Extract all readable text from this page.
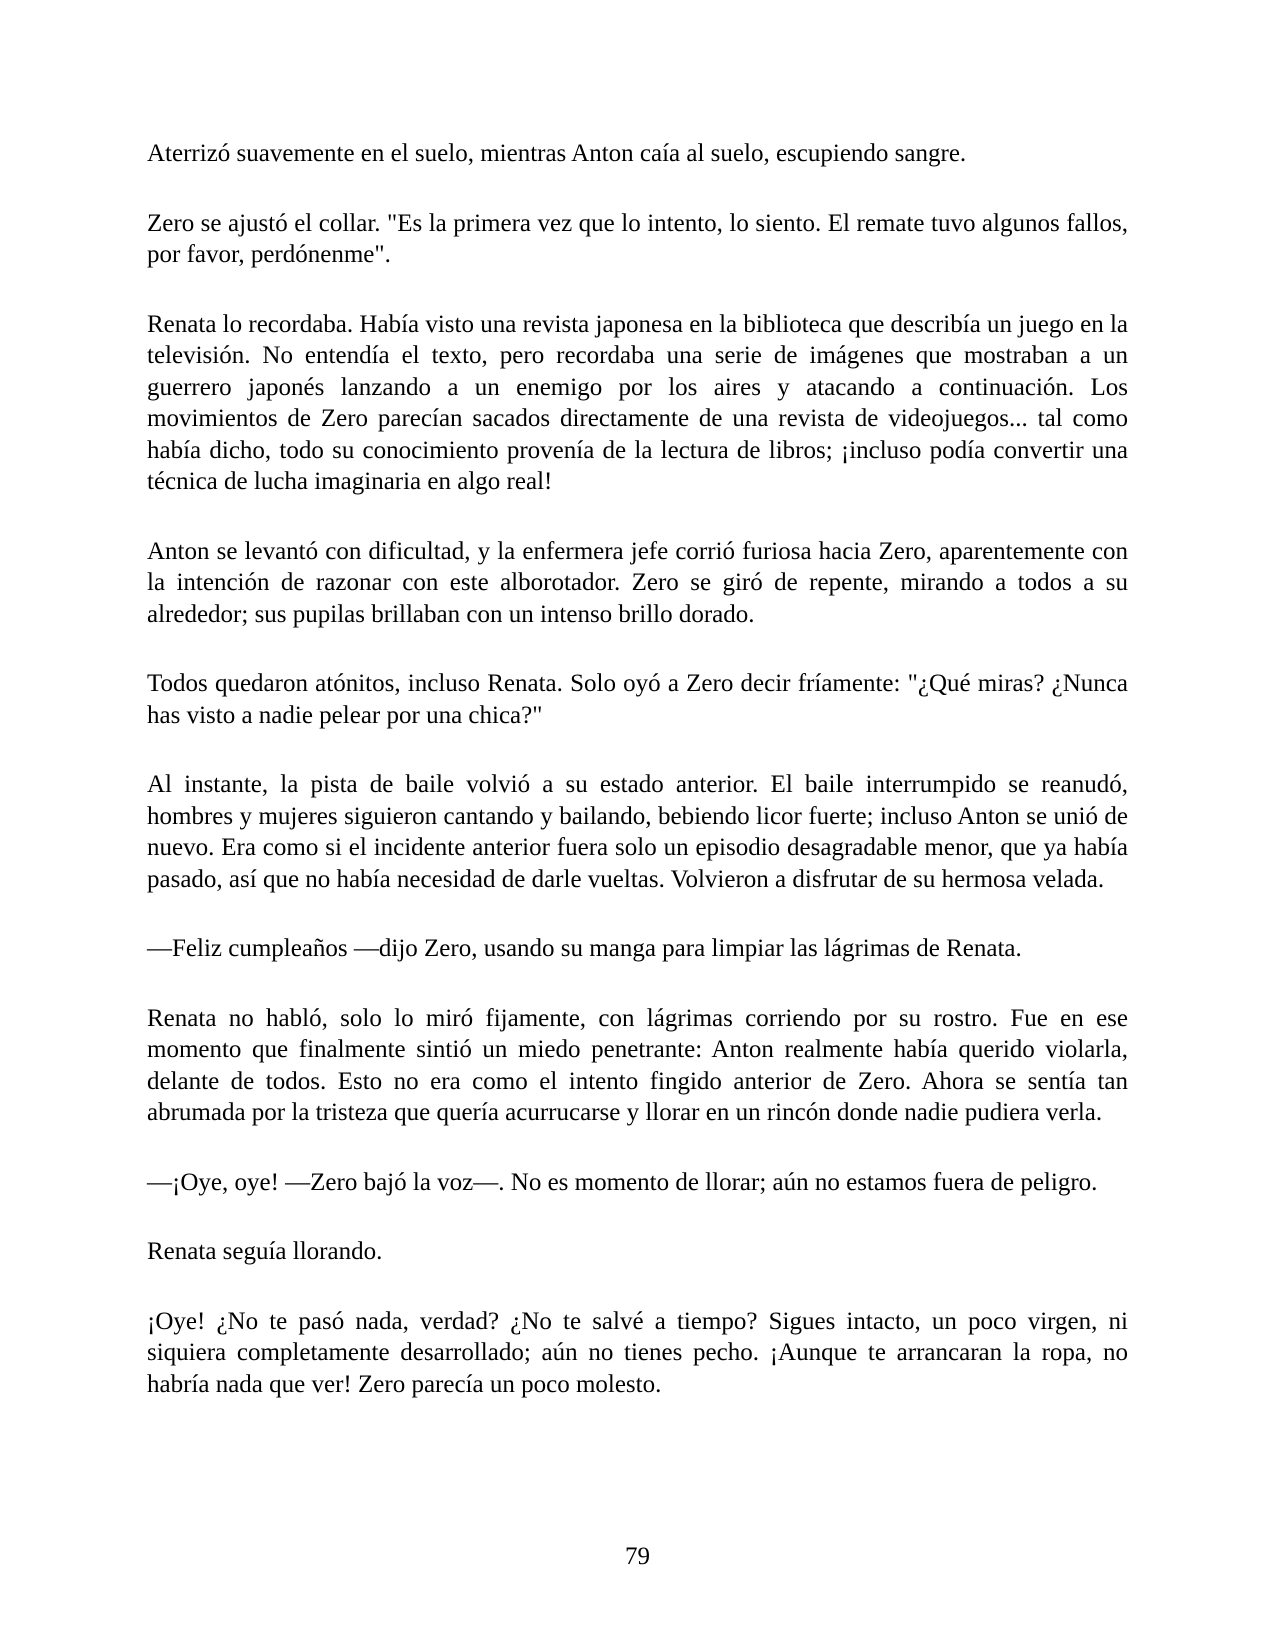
Aterrizó suavemente en el suelo, mientras Anton caía al suelo, escupiendo sangre.

Zero se ajustó el collar. "Es la primera vez que lo intento, lo siento. El remate tuvo algunos fallos, por favor, perdónenme".

Renata lo recordaba. Había visto una revista japonesa en la biblioteca que describía un juego en la televisión. No entendía el texto, pero recordaba una serie de imágenes que mostraban a un guerrero japonés lanzando a un enemigo por los aires y atacando a continuación. Los movimientos de Zero parecían sacados directamente de una revista de videojuegos... tal como había dicho, todo su conocimiento provenía de la lectura de libros; ¡incluso podía convertir una técnica de lucha imaginaria en algo real!

Anton se levantó con dificultad, y la enfermera jefe corrió furiosa hacia Zero, aparentemente con la intención de razonar con este alborotador. Zero se giró de repente, mirando a todos a su alrededor; sus pupilas brillaban con un intenso brillo dorado.

Todos quedaron atónitos, incluso Renata. Solo oyó a Zero decir fríamente: "¿Qué miras? ¿Nunca has visto a nadie pelear por una chica?"

Al instante, la pista de baile volvió a su estado anterior. El baile interrumpido se reanudó, hombres y mujeres siguieron cantando y bailando, bebiendo licor fuerte; incluso Anton se unió de nuevo. Era como si el incidente anterior fuera solo un episodio desagradable menor, que ya había pasado, así que no había necesidad de darle vueltas. Volvieron a disfrutar de su hermosa velada.

—Feliz cumpleaños —dijo Zero, usando su manga para limpiar las lágrimas de Renata.

Renata no habló, solo lo miró fijamente, con lágrimas corriendo por su rostro. Fue en ese momento que finalmente sintió un miedo penetrante: Anton realmente había querido violarla, delante de todos. Esto no era como el intento fingido anterior de Zero. Ahora se sentía tan abrumada por la tristeza que quería acurrucarse y llorar en un rincón donde nadie pudiera verla.

—¡Oye, oye! —Zero bajó la voz—. No es momento de llorar; aún no estamos fuera de peligro.

Renata seguía llorando.

¡Oye! ¿No te pasó nada, verdad? ¿No te salvé a tiempo? Sigues intacto, un poco virgen, ni siquiera completamente desarrollado; aún no tienes pecho. ¡Aunque te arrancaran la ropa, no habría nada que ver! Zero parecía un poco molesto.

79
